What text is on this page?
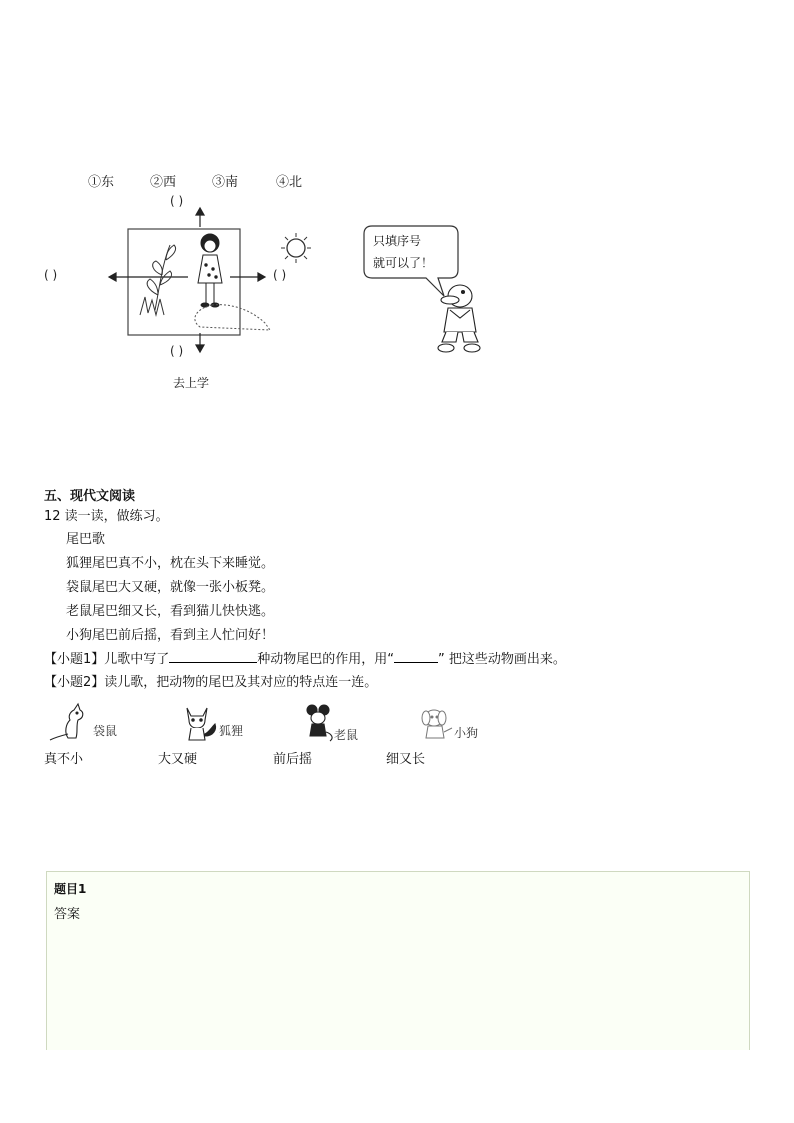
①东	②西	③南	④北
( )
( )	( )
( )
去上学
只填序号
就可以了！
五、现代文阅读
12 读一读，做练习。
尾巴歌
狐狸尾巴真不小，枕在头下来睡觉。
袋鼠尾巴大又硬，就像一张小板凳。
老鼠尾巴细又长，看到猫儿快快逃。
小狗尾巴前后摇，看到主人忙问好！
【小题1】儿歌中写了	种动物尾巴的作用，用“	” 把这些动物画出来。
【小题2】读儿歌，把动物的尾巴及其对应的特点连一连。
袋鼠	狐狸	老鼠	小狗
真不小	大又硬	前后摇	细又长
题目1
答案
